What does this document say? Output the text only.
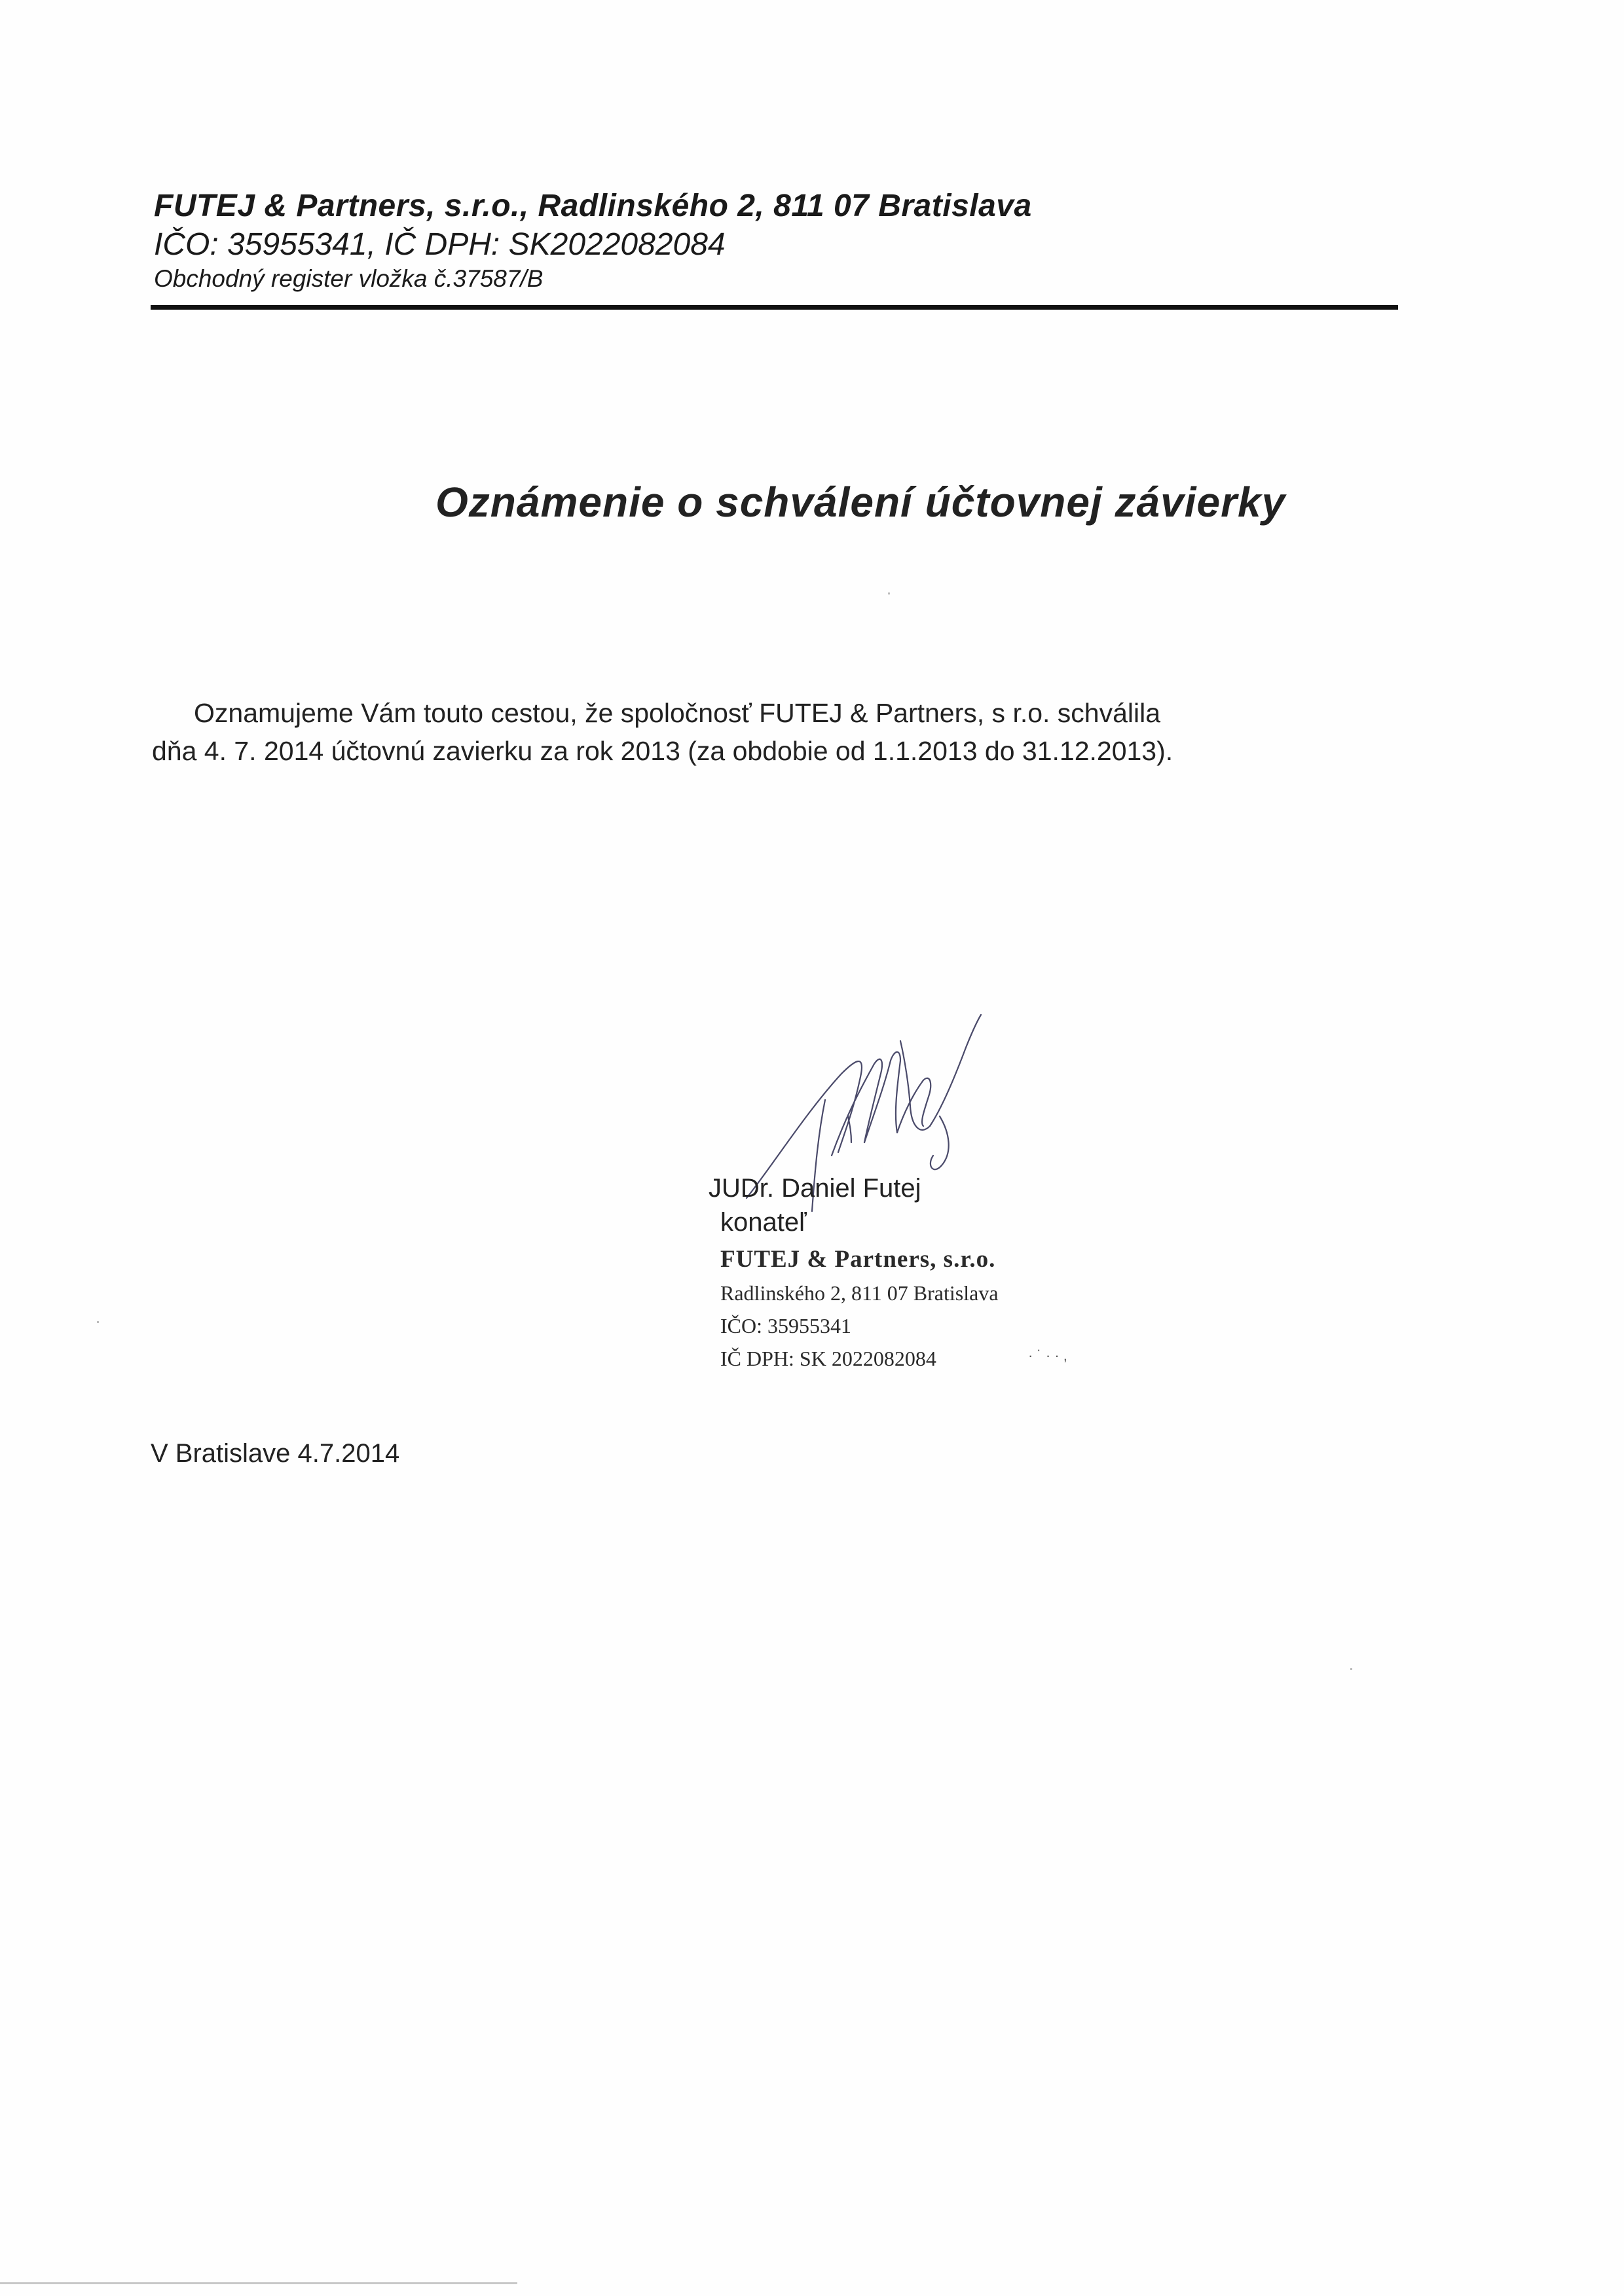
FUTEJ & Partners, s.r.o., Radlinského 2, 811 07 Bratislava
IČO: 35955341, IČ DPH: SK2022082084
Obchodný register vložka č.37587/B
Oznámenie o schválení účtovnej závierky
Oznamujeme Vám touto cestou, že spoločnosť FUTEJ & Partners, s r.o. schválila
dňa 4. 7. 2014 účtovnú zavierku za rok 2013 (za obdobie od 1.1.2013 do 31.12.2013).
JUDr. Daniel Futej
konateľ
FUTEJ & Partners, s.r.o.
Radlinského 2, 811 07 Bratislava
IČO: 35955341
IČ DPH: SK 2022082084	· ˙ · · ,
V Bratislave 4.7.2014
